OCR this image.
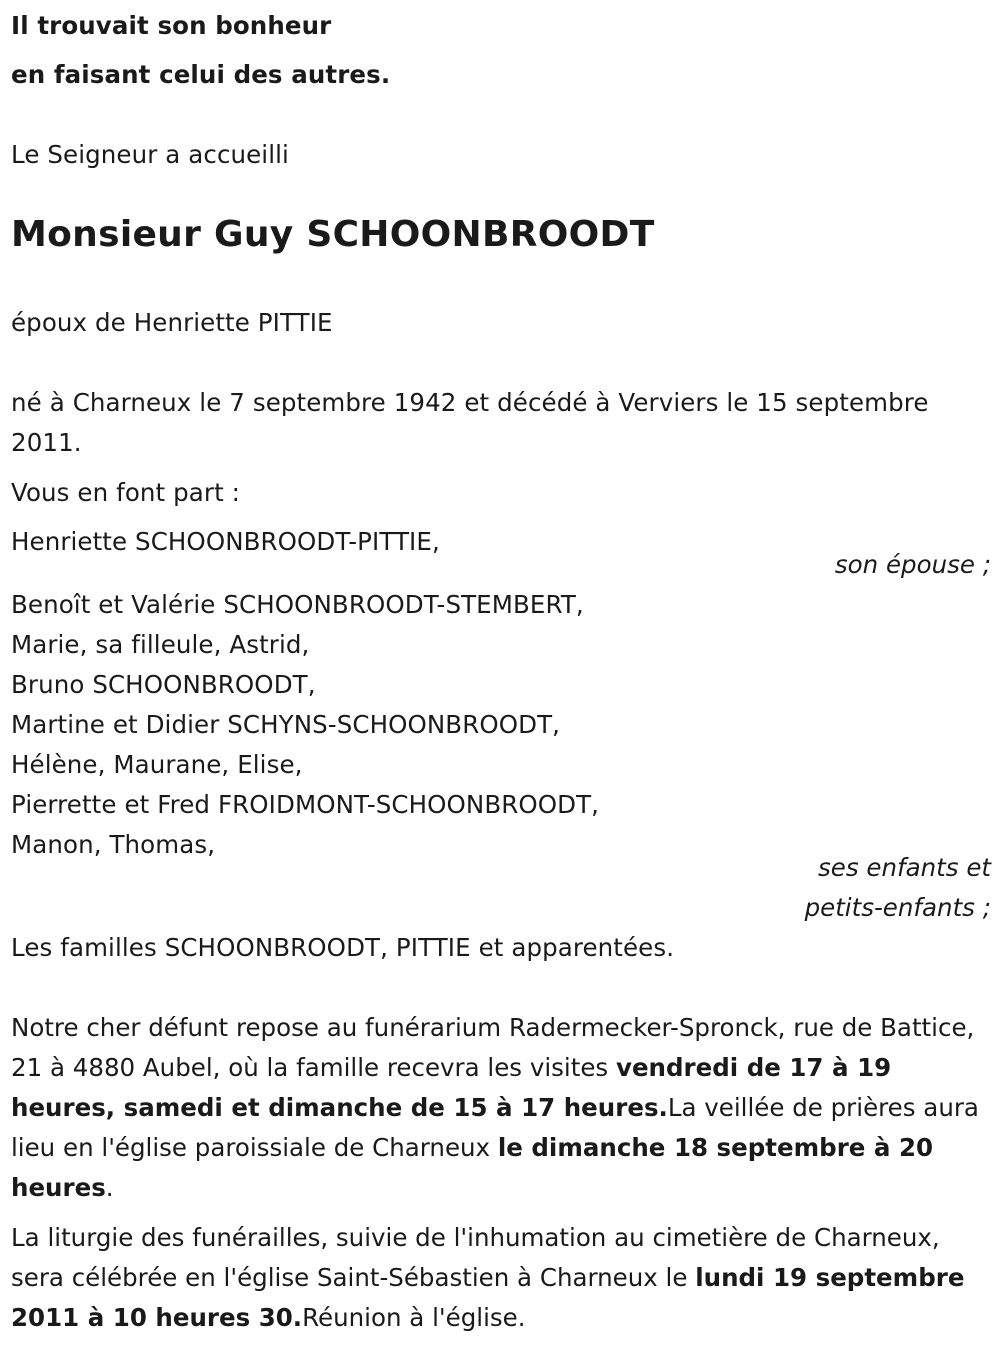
Il trouvait son bonheur
en faisant celui des autres.
Le Seigneur a accueilli
Monsieur Guy SCHOONBROODT
époux de Henriette PITTIE
né à Charneux le 7 septembre 1942 et décédé à Verviers le 15 septembre
2011.
Vous en font part :
Henriette SCHOONBROODT-PITTIE,
son épouse ;
Benoît et Valérie SCHOONBROODT-STEMBERT,
Marie, sa filleule, Astrid,
Bruno SCHOONBROODT,
Martine et Didier SCHYNS-SCHOONBROODT,
Hélène, Maurane, Elise,
Pierrette et Fred FROIDMONT-SCHOONBROODT,
Manon, Thomas,
ses enfants et
petits-enfants ;
Les familles SCHOONBROODT, PITTIE et apparentées.
Notre cher défunt repose au funérarium Radermecker-Spronck, rue de Battice, 21 à 4880 Aubel, où la famille recevra les visites vendredi de 17 à 19 heures, samedi et dimanche de 15 à 17 heures.La veillée de prières aura lieu en l'église paroissiale de Charneux le dimanche 18 septembre à 20 heures.
La liturgie des funérailles, suivie de l'inhumation au cimetière de Charneux, sera célébrée en l'église Saint-Sébastien à Charneux le lundi 19 septembre 2011 à 10 heures 30.Réunion à l'église.
